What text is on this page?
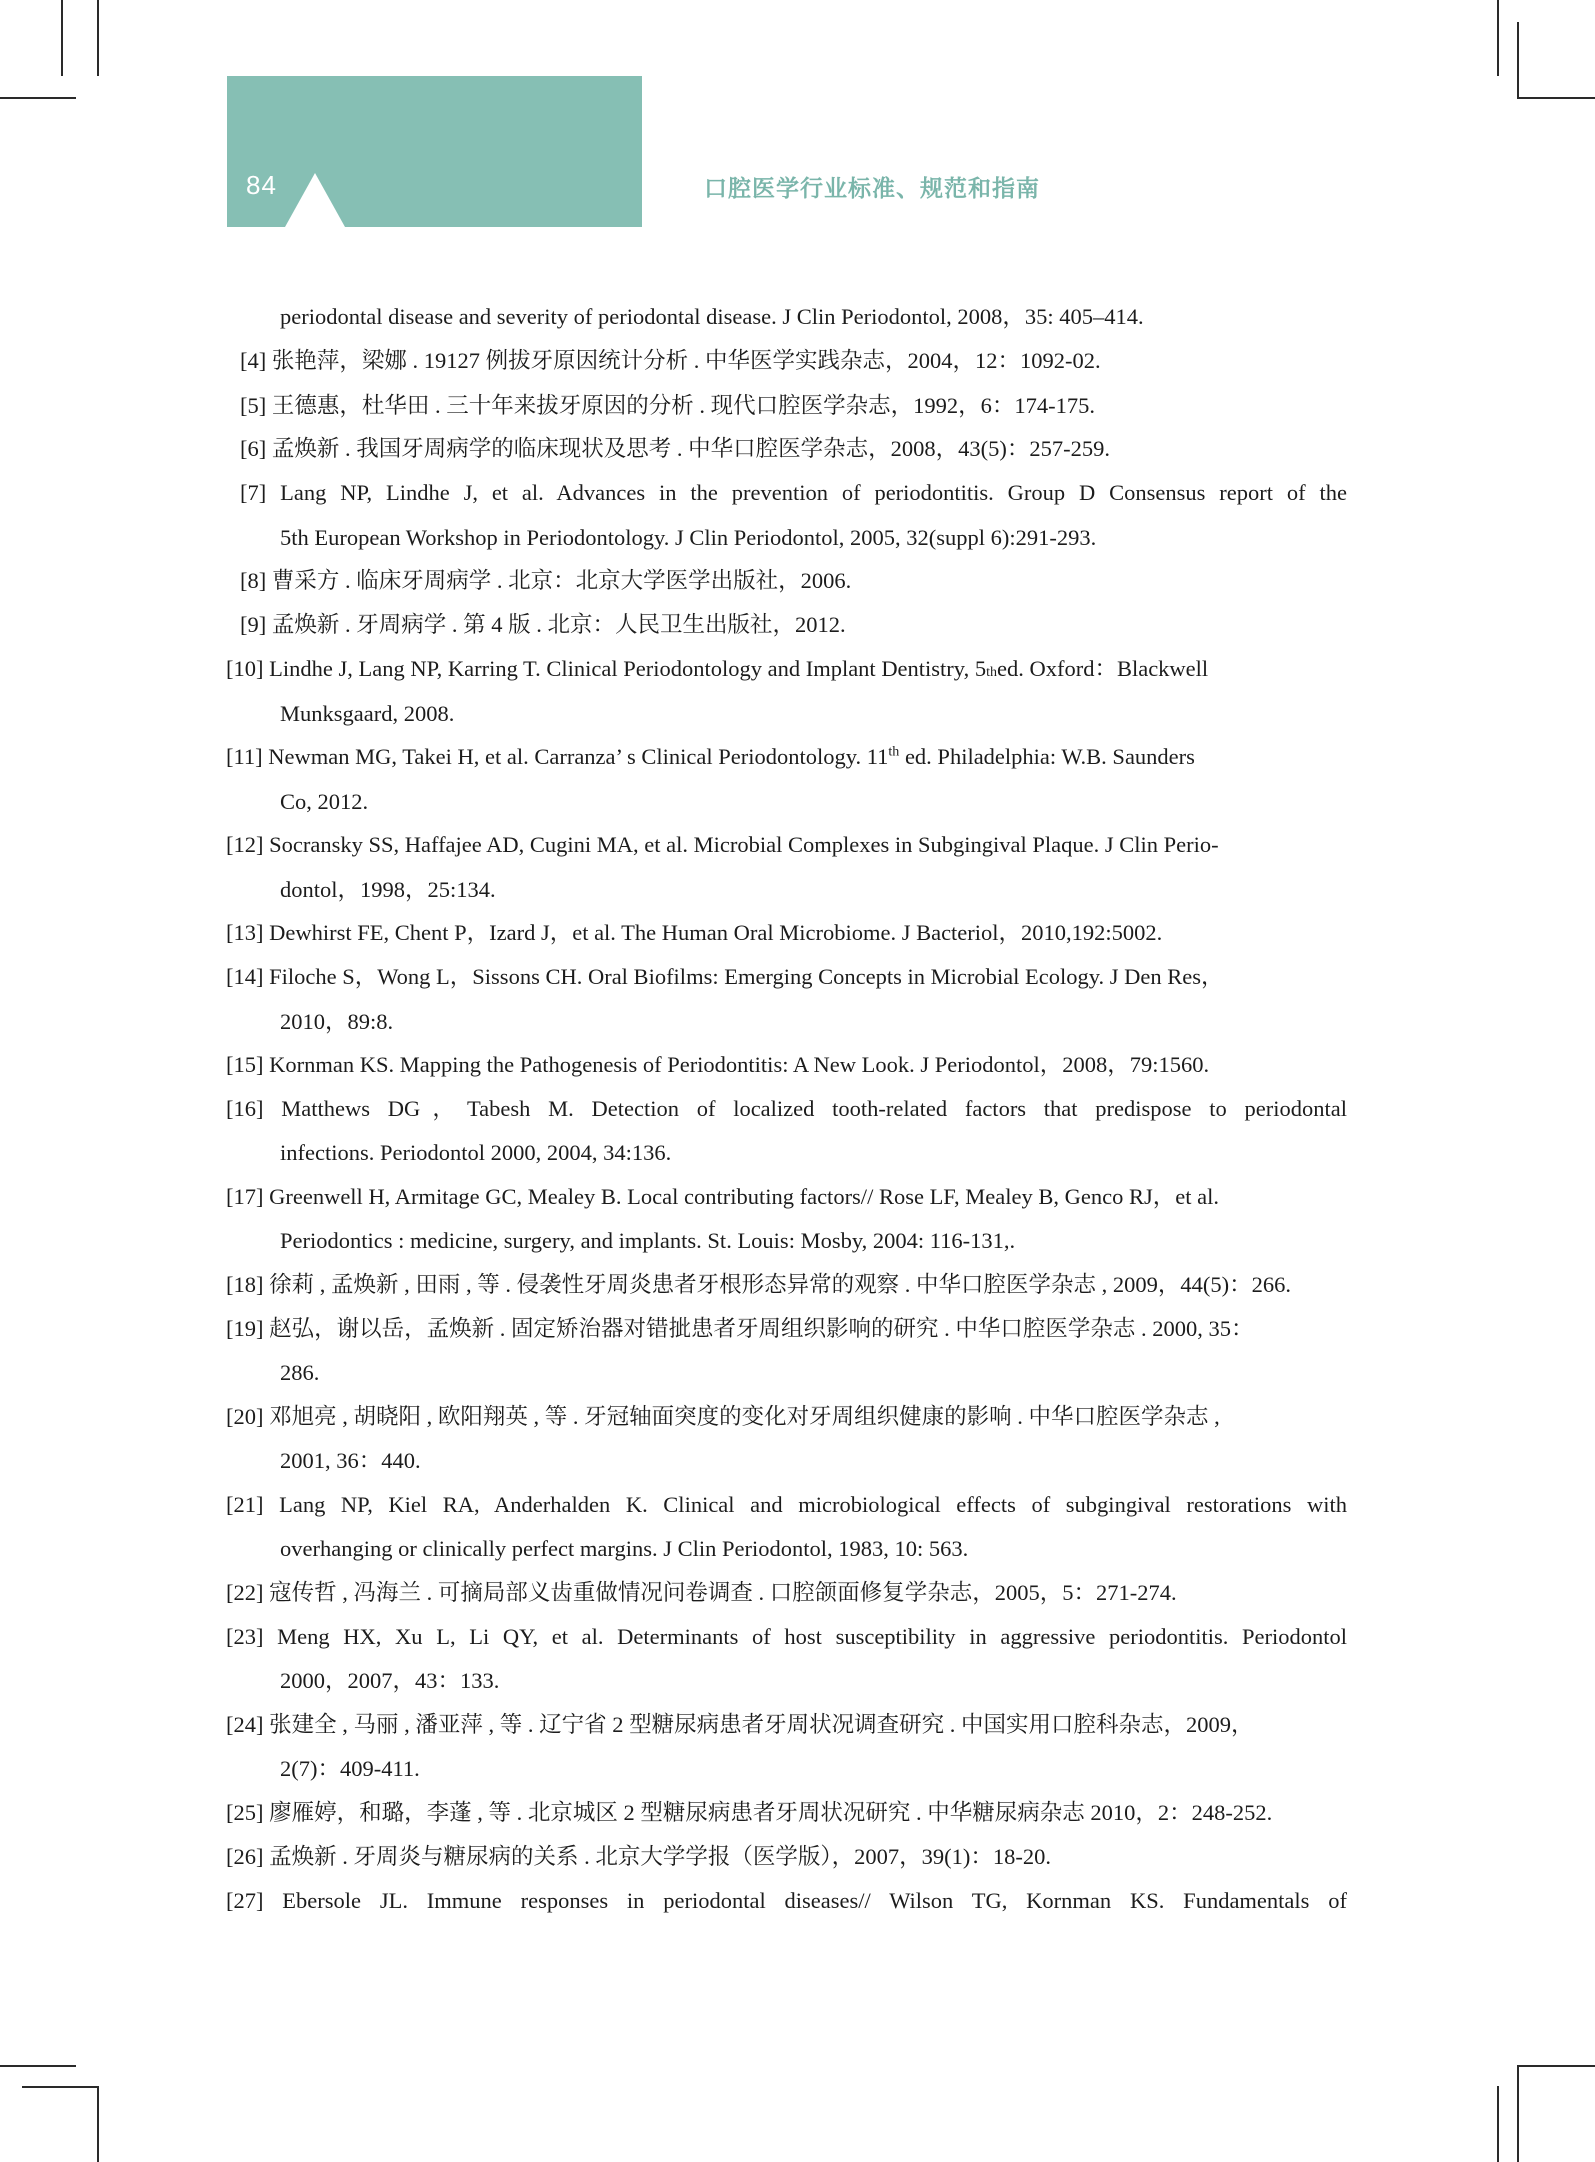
84	口腔医学行业标准、规范和指南
periodontal disease and severity of periodontal disease. J Clin Periodontol, 2008，35: 405–414.
[4] 张艳萍，梁娜 . 19127 例拔牙原因统计分析 . 中华医学实践杂志，2004，12：1092-02.
[5] 王德惠，杜华田 . 三十年来拔牙原因的分析 . 现代口腔医学杂志，1992，6：174-175.
[6] 孟焕新 . 我国牙周病学的临床现状及思考 . 中华口腔医学杂志，2008，43(5)：257-259.
[7] Lang NP, Lindhe J, et al. Advances in the prevention of periodontitis. Group D Consensus report of the
5th European Workshop in Periodontology. J Clin Periodontol, 2005, 32(suppl 6):291-293.
[8] 曹采方 . 临床牙周病学 . 北京：北京大学医学出版社，2006.
[9] 孟焕新 . 牙周病学 . 第 4 版 . 北京：人民卫生出版社，2012.
[10] Lindhe J, Lang NP, Karring T. Clinical Periodontology and Implant Dentistry, 5 th ed. Oxford：Blackwell
Munksgaard, 2008.
[11] Newman MG, Takei H, et al. Carranza’ s Clinical Periodontology. 11th ed. Philadelphia: W.B. Saunders
Co, 2012.
[12] Socransky SS, Haffajee AD, Cugini MA, et al. Microbial Complexes in Subgingival Plaque. J Clin Perio-
dontol，1998，25:134.
[13] Dewhirst FE, Chent P，Izard J，et al. The Human Oral Microbiome. J Bacteriol，2010,192:5002.
[14] Filoche S，Wong L，Sissons CH. Oral Biofilms: Emerging Concepts in Microbial Ecology. J Den Res，
2010，89:8.
[15] Kornman KS. Mapping the Pathogenesis of Periodontitis: A New Look. J Periodontol，2008，79:1560.
[16] Matthews DG，Tabesh M. Detection of localized tooth-related factors that predispose to periodontal
infections. Periodontol 2000, 2004, 34:136.
[17] Greenwell H, Armitage GC, Mealey B. Local contributing factors// Rose LF, Mealey B, Genco RJ，et al.
Periodontics : medicine, surgery, and implants. St. Louis: Mosby, 2004: 116-131,.
[18] 徐莉 , 孟焕新 , 田雨 , 等 . 侵袭性牙周炎患者牙根形态异常的观察 . 中华口腔医学杂志 , 2009，44(5)：266.
[19] 赵弘，谢以岳，孟焕新 . 固定矫治器对错㧗患者牙周组织影响的研究 . 中华口腔医学杂志 . 2000, 35：
286.
[20] 邓旭亮 , 胡晓阳 , 欧阳翔英 , 等 . 牙冠轴面突度的变化对牙周组织健康的影响 . 中华口腔医学杂志 ,
2001, 36：440.
[21] Lang NP, Kiel RA, Anderhalden K. Clinical and microbiological effects of subgingival restorations with
overhanging or clinically perfect margins. J Clin Periodontol, 1983, 10: 563.
[22] 寇传哲 , 冯海兰 . 可摘局部义齿重做情况问卷调查 . 口腔颌面修复学杂志，2005，5：271-274.
[23] Meng HX, Xu L, Li QY, et al. Determinants of host susceptibility in aggressive periodontitis. Periodontol
2000，2007，43：133.
[24] 张建全 , 马丽 , 潘亚萍 , 等 . 辽宁省 2 型糖尿病患者牙周状况调查研究 . 中国实用口腔科杂志，2009，
2(7)：409-411.
[25] 廖雁婷，和璐，李蓬 , 等 . 北京城区 2 型糖尿病患者牙周状况研究 . 中华糖尿病杂志 2010，2：248-252.
[26] 孟焕新 . 牙周炎与糖尿病的关系 . 北京大学学报（医学版），2007，39(1)：18-20.
[27] Ebersole JL. Immune responses in periodontal diseases// Wilson TG, Kornman KS. Fundamentals of
